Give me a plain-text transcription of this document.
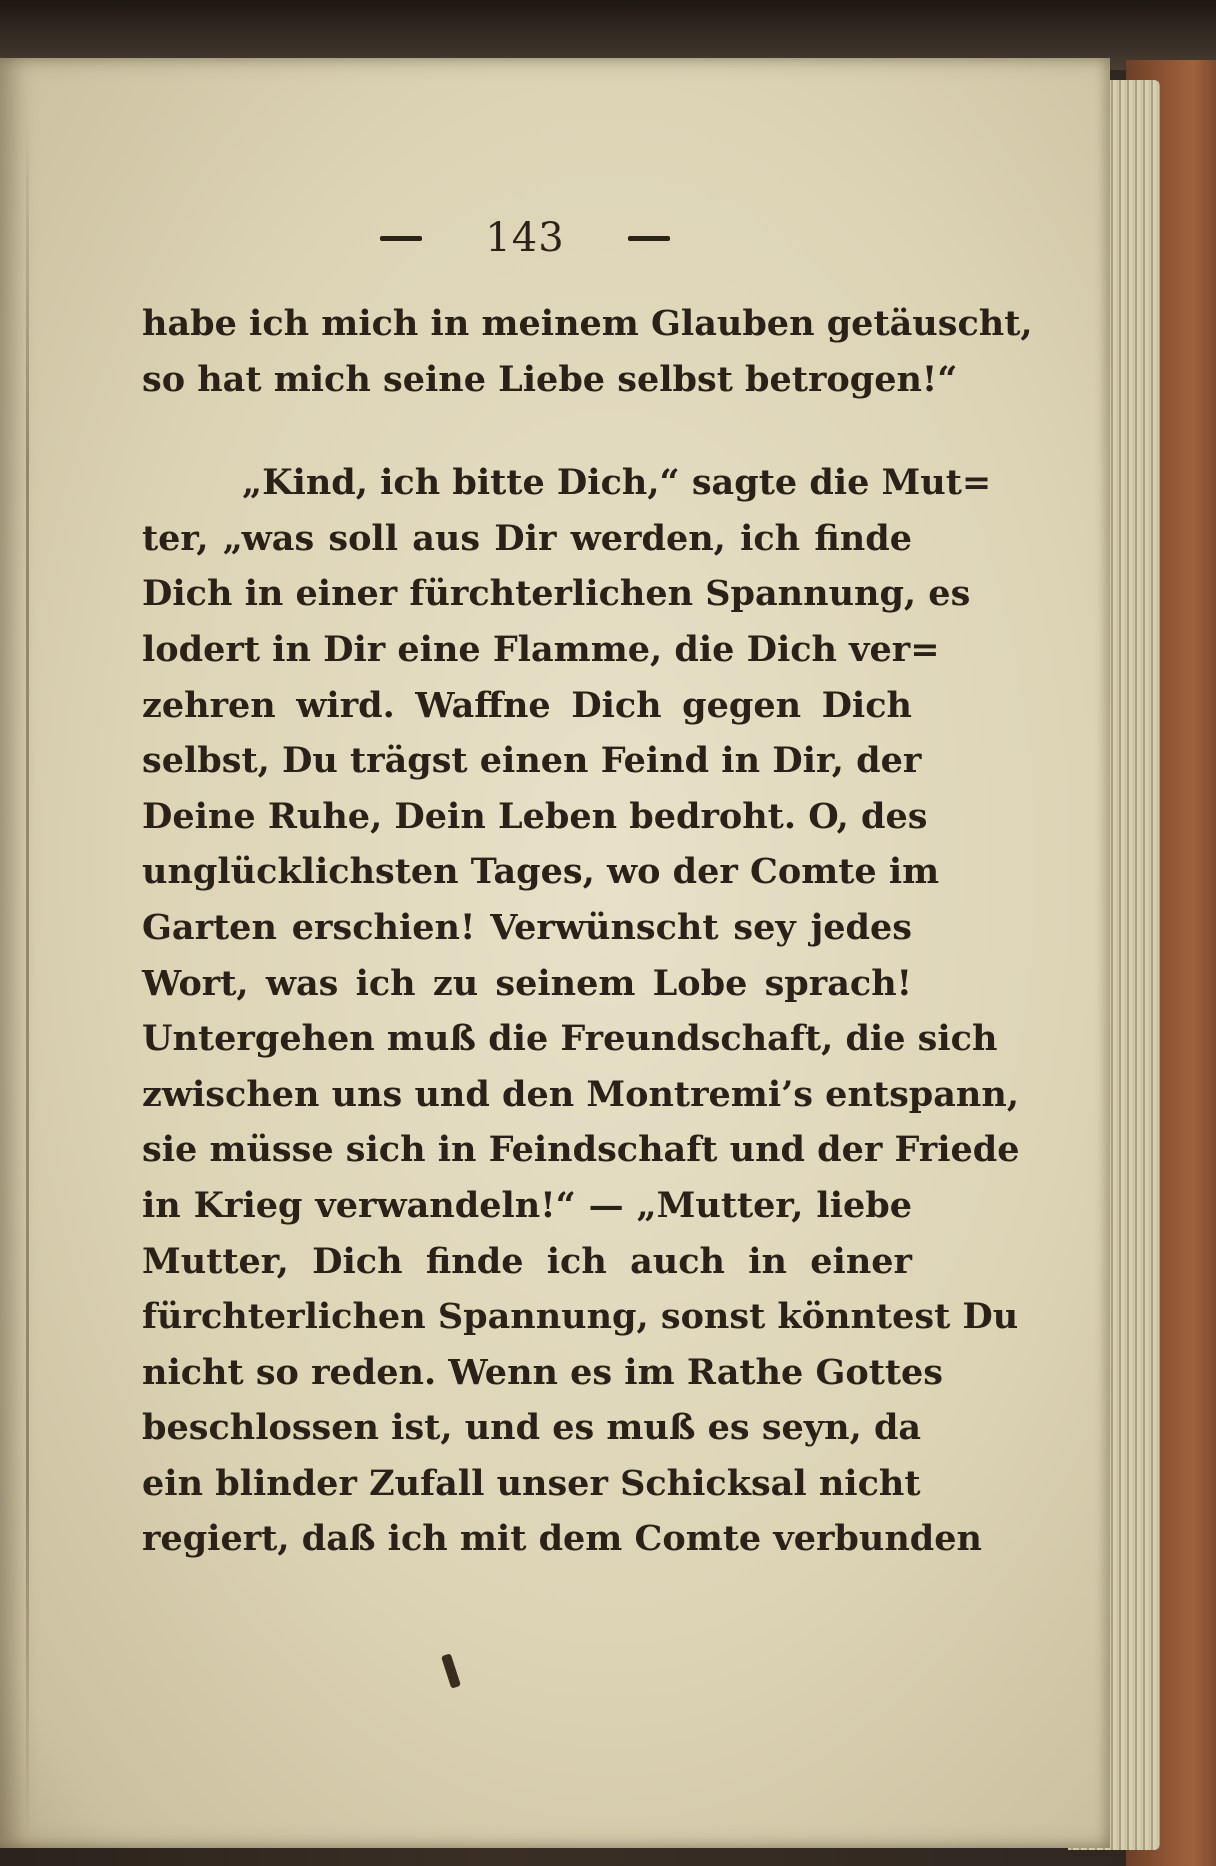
143
habe ich mich in meinem Glauben getäuscht,
so hat mich seine Liebe selbst betrogen!“
„Kind, ich bitte Dich,“ sagte die Mut=
ter, „was soll aus Dir werden, ich finde
Dich in einer fürchterlichen Spannung, es
lodert in Dir eine Flamme, die Dich ver=
zehren wird. Waffne Dich gegen Dich
selbst, Du trägst einen Feind in Dir, der
Deine Ruhe, Dein Leben bedroht. O, des
unglücklichsten Tages, wo der Comte im
Garten erschien! Verwünscht sey jedes
Wort, was ich zu seinem Lobe sprach!
Untergehen muß die Freundschaft, die sich
zwischen uns und den Montremi’s entspann,
sie müsse sich in Feindschaft und der Friede
in Krieg verwandeln!“ — „Mutter, liebe
Mutter, Dich finde ich auch in einer
fürchterlichen Spannung, sonst könntest Du
nicht so reden. Wenn es im Rathe Gottes
beschlossen ist, und es muß es seyn, da
ein blinder Zufall unser Schicksal nicht
regiert, daß ich mit dem Comte verbunden
